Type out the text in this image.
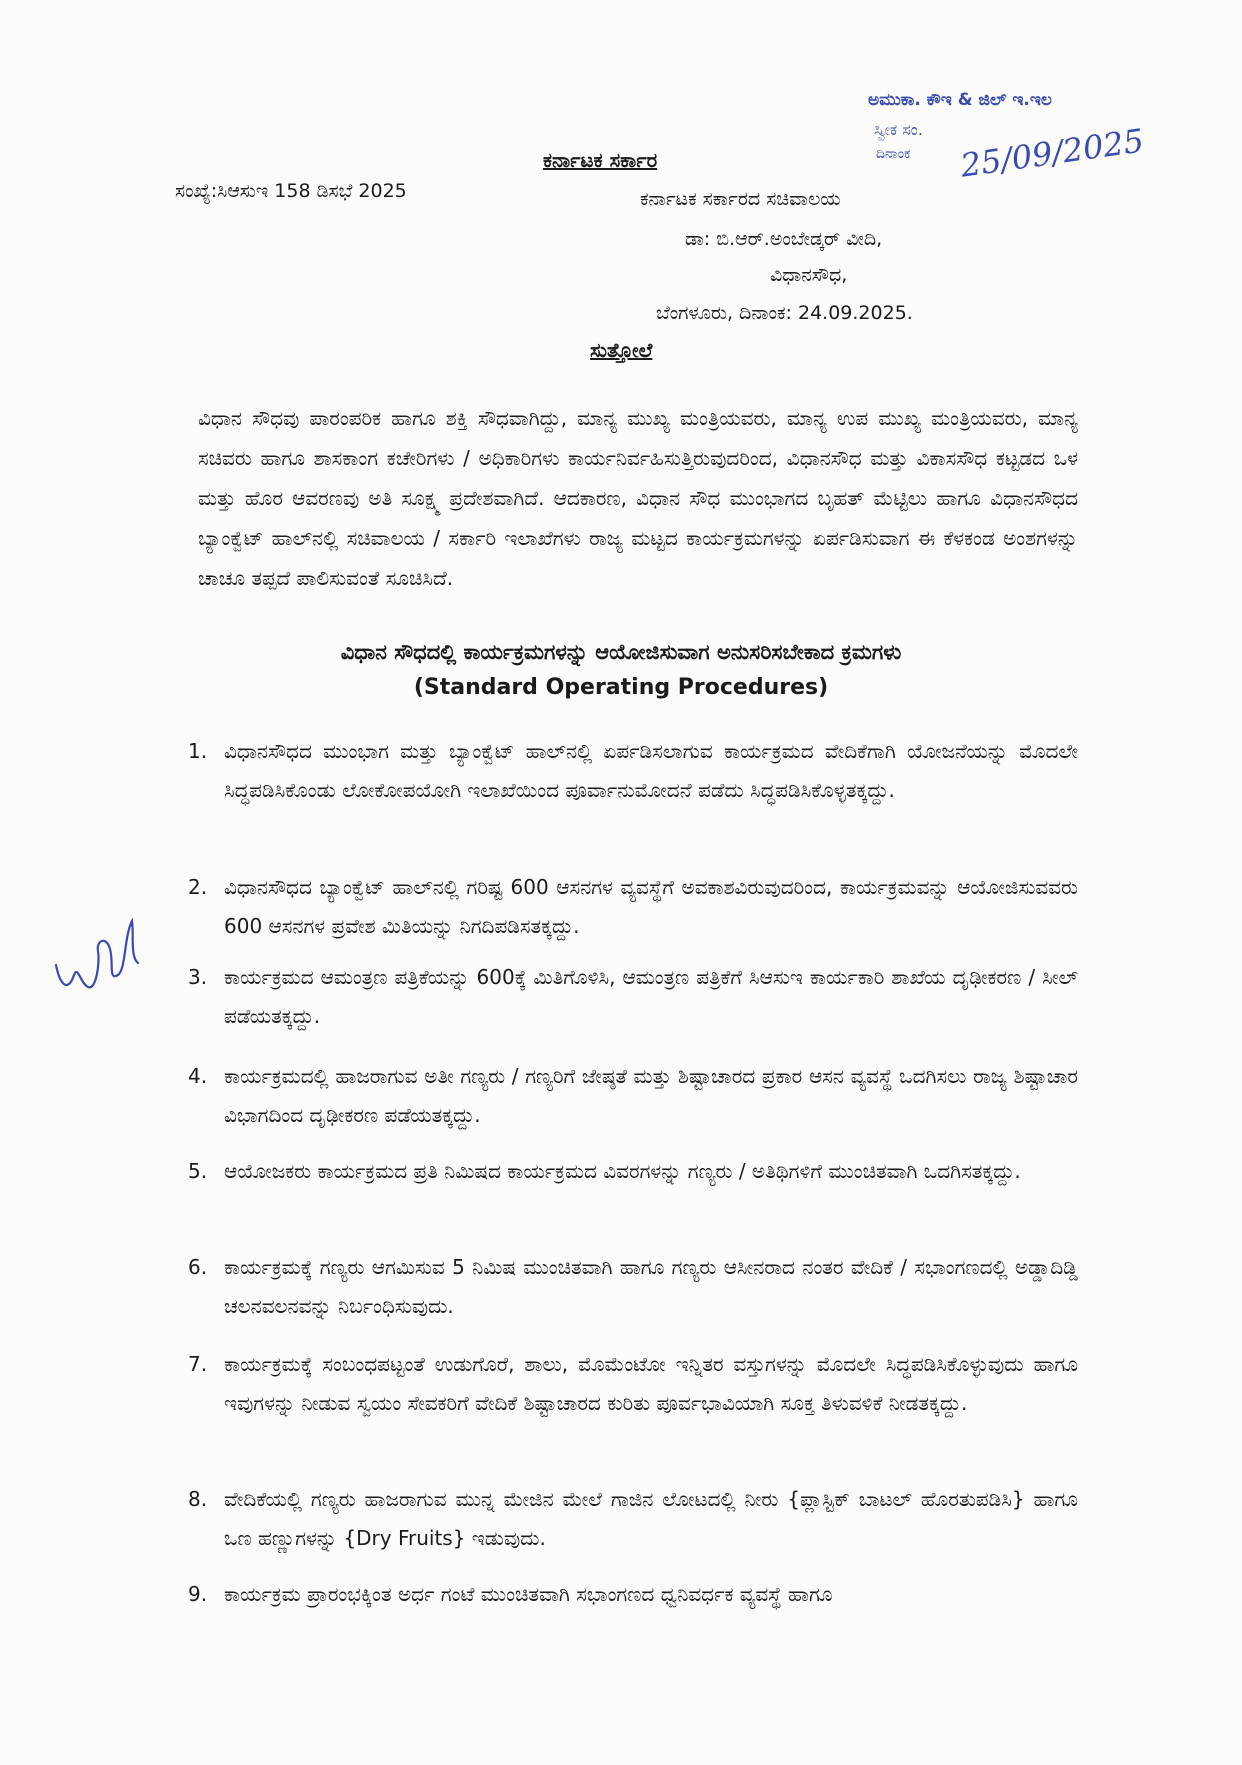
ಕರ್ನಾಟಕ ಸರ್ಕಾರ
ಸಂಖ್ಯೆ:ಸಿಆಸುಇ 158 ಡಿಸಭೆ 2025	ಕರ್ನಾಟಕ ಸರ್ಕಾರದ ಸಚಿವಾಲಯ
ಡಾ: ಬಿ.ಆರ್.ಅಂಬೇಡ್ಕರ್ ವೀದಿ,
ವಿಧಾನಸೌಧ,
ಬೆಂಗಳೂರು, ದಿನಾಂಕ: 24.09.2025.
ಸುತ್ತೋಲೆ
ಅಮುಕಾ. ಕೌಇ & ಜಿಲ್ ಇ.ಇಲ
ಸ್ವೀಕ ಸಂ.
ದಿನಾಂಕ 25/09/2025
ವಿಧಾನ ಸೌಧವು ಪಾರಂಪರಿಕ ಹಾಗೂ ಶಕ್ತಿ ಸೌಧವಾಗಿದ್ದು, ಮಾನ್ಯ ಮುಖ್ಯ ಮಂತ್ರಿಯವರು, ಮಾನ್ಯ ಉಪ ಮುಖ್ಯ ಮಂತ್ರಿಯವರು, ಮಾನ್ಯ ಸಚಿವರು ಹಾಗೂ ಶಾಸಕಾಂಗ ಕಚೇರಿಗಳು / ಅಧಿಕಾರಿಗಳು ಕಾರ್ಯನಿರ್ವಹಿಸುತ್ತಿರುವುದರಿಂದ, ವಿಧಾನಸೌಧ ಮತ್ತು ವಿಕಾಸಸೌಧ ಕಟ್ಟಡದ ಒಳ ಮತ್ತು ಹೊರ ಆವರಣವು ಅತಿ ಸೂಕ್ಷ್ಮ ಪ್ರದೇಶವಾಗಿದೆ. ಆದಕಾರಣ, ವಿಧಾನ ಸೌಧ ಮುಂಭಾಗದ ಬೃಹತ್ ಮೆಟ್ಟಿಲು ಹಾಗೂ ವಿಧಾನಸೌಧದ ಬ್ಯಾಂಕ್ವೆಟ್ ಹಾಲ್‌ನಲ್ಲಿ ಸಚಿವಾಲಯ / ಸರ್ಕಾರಿ ಇಲಾಖೆಗಳು ರಾಜ್ಯ ಮಟ್ಟದ ಕಾರ್ಯಕ್ರಮಗಳನ್ನು ಏರ್ಪಡಿಸುವಾಗ ಈ ಕೆಳಕಂಡ ಅಂಶಗಳನ್ನು ಚಾಚೂ ತಪ್ಪದೆ ಪಾಲಿಸುವಂತೆ ಸೂಚಿಸಿದೆ.
ವಿಧಾನ ಸೌಧದಲ್ಲಿ ಕಾರ್ಯಕ್ರಮಗಳನ್ನು ಆಯೋಜಿಸುವಾಗ ಅನುಸರಿಸಬೇಕಾದ ಕ್ರಮಗಳು
(Standard Operating Procedures)
1. ವಿಧಾನಸೌಧದ ಮುಂಭಾಗ ಮತ್ತು ಬ್ಯಾಂಕ್ವೆಟ್ ಹಾಲ್‌ನಲ್ಲಿ ಏರ್ಪಡಿಸಲಾಗುವ ಕಾರ್ಯಕ್ರಮದ ವೇದಿಕೆಗಾಗಿ ಯೋಜನೆಯನ್ನು ಮೊದಲೇ ಸಿದ್ಧಪಡಿಸಿಕೊಂಡು ಲೋಕೋಪಯೋಗಿ ಇಲಾಖೆಯಿಂದ ಪೂರ್ವಾನುಮೋದನೆ ಪಡೆದು ಸಿದ್ಧಪಡಿಸಿಕೊಳ್ಳತಕ್ಕದ್ದು.
2. ವಿಧಾನಸೌಧದ ಬ್ಯಾಂಕ್ವೆಟ್ ಹಾಲ್‌ನಲ್ಲಿ ಗರಿಷ್ಟ 600 ಆಸನಗಳ ವ್ಯವಸ್ಥೆಗೆ ಅವಕಾಶವಿರುವುದರಿಂದ, ಕಾರ್ಯಕ್ರಮವನ್ನು ಆಯೋಜಿಸುವವರು 600 ಆಸನಗಳ ಪ್ರವೇಶ ಮಿತಿಯನ್ನು ನಿಗದಿಪಡಿಸತಕ್ಕದ್ದು.
3. ಕಾರ್ಯಕ್ರಮದ ಆಮಂತ್ರಣ ಪತ್ರಿಕೆಯನ್ನು 600ಕ್ಕೆ ಮಿತಿಗೊಳಿಸಿ, ಆಮಂತ್ರಣ ಪತ್ರಿಕೆಗೆ ಸಿಆಸುಇ ಕಾರ್ಯಕಾರಿ ಶಾಖೆಯ ದೃಢೀಕರಣ / ಸೀಲ್ ಪಡೆಯತಕ್ಕದ್ದು.
4. ಕಾರ್ಯಕ್ರಮದಲ್ಲಿ ಹಾಜರಾಗುವ ಅತೀ ಗಣ್ಯರು / ಗಣ್ಯರಿಗೆ ಜೇಷ್ಠತೆ ಮತ್ತು ಶಿಷ್ಟಾಚಾರದ ಪ್ರಕಾರ ಆಸನ ವ್ಯವಸ್ಥೆ ಒದಗಿಸಲು ರಾಜ್ಯ ಶಿಷ್ಟಾಚಾರ ವಿಭಾಗದಿಂದ ದೃಢೀಕರಣ ಪಡೆಯತಕ್ಕದ್ದು.
5. ಆಯೋಜಕರು ಕಾರ್ಯಕ್ರಮದ ಪ್ರತಿ ನಿಮಿಷದ ಕಾರ್ಯಕ್ರಮದ ವಿವರಗಳನ್ನು ಗಣ್ಯರು / ಅತಿಥಿಗಳಿಗೆ ಮುಂಚಿತವಾಗಿ ಒದಗಿಸತಕ್ಕದ್ದು.
6. ಕಾರ್ಯಕ್ರಮಕ್ಕೆ ಗಣ್ಯರು ಆಗಮಿಸುವ 5 ನಿಮಿಷ ಮುಂಚಿತವಾಗಿ ಹಾಗೂ ಗಣ್ಯರು ಆಸೀನರಾದ ನಂತರ ವೇದಿಕೆ / ಸಭಾಂಗಣದಲ್ಲಿ ಅಡ್ಡಾದಿಡ್ಡಿ ಚಲನವಲನವನ್ನು ನಿರ್ಬಂಧಿಸುವುದು.
7. ಕಾರ್ಯಕ್ರಮಕ್ಕೆ ಸಂಬಂಧಪಟ್ಟಂತೆ ಉಡುಗೊರೆ, ಶಾಲು, ಮೊಮೆಂಟೋ ಇನ್ನಿತರ ವಸ್ತುಗಳನ್ನು ಮೊದಲೇ ಸಿದ್ಧಪಡಿಸಿಕೊಳ್ಳುವುದು ಹಾಗೂ ಇವುಗಳನ್ನು ನೀಡುವ ಸ್ವಯಂ ಸೇವಕರಿಗೆ ವೇದಿಕೆ ಶಿಷ್ಟಾಚಾರದ ಕುರಿತು ಪೂರ್ವಭಾವಿಯಾಗಿ ಸೂಕ್ತ ತಿಳುವಳಿಕೆ ನೀಡತಕ್ಕದ್ದು.
8. ವೇದಿಕೆಯಲ್ಲಿ ಗಣ್ಯರು ಹಾಜರಾಗುವ ಮುನ್ನ ಮೇಜಿನ ಮೇಲೆ ಗಾಜಿನ ಲೋಟದಲ್ಲಿ ನೀರು {ಪ್ಲಾಸ್ಟಿಕ್ ಬಾಟಲ್ ಹೊರತುಪಡಿಸಿ} ಹಾಗೂ ಒಣ ಹಣ್ಣುಗಳನ್ನು {Dry Fruits} ಇಡುವುದು.
9. ಕಾರ್ಯಕ್ರಮ ಪ್ರಾರಂಭಕ್ಕಿಂತ ಅರ್ಧ ಗಂಟೆ ಮುಂಚಿತವಾಗಿ ಸಭಾಂಗಣದ ಧ್ವನಿವರ್ಧಕ ವ್ಯವಸ್ಥೆ ಹಾಗೂ
